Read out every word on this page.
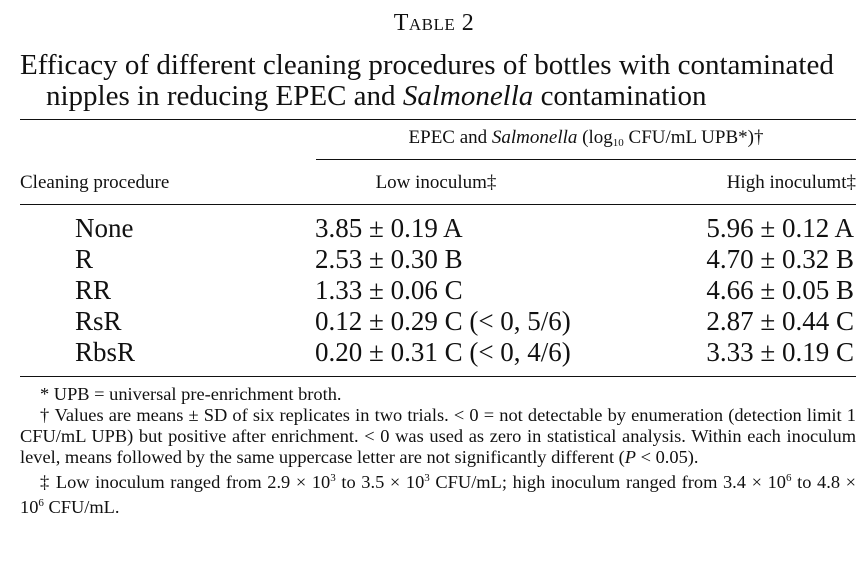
Table 2
Efficacy of different cleaning procedures of bottles with contaminated
nipples in reducing EPEC and Salmonella contamination
EPEC and Salmonella ($\log_{10}$ CFU/mL UPB*)†
Cleaning procedure	Low inoculum‡	High inoculumt‡
None	3.85 ± 0.19 A	5.96 ± 0.12 A
R	2.53 ± 0.30 B	4.70 ± 0.32 B
RR	1.33 ± 0.06 C	4.66 ± 0.05 B
RsR	0.12 ± 0.29 C (< 0, 5/6)	2.87 ± 0.44 C
RbsR	0.20 ± 0.31 C (< 0, 4/6)	3.33 ± 0.19 C

* UPB = universal pre-enrichment broth.

† Values are means ± SD of six replicates in two trials. < 0 = not detectable by enumeration (detection limit 1 CFU/mL UPB) but positive after enrichment. < 0 was used as zero in statistical analysis. Within each inoculum level, means followed by the same uppercase letter are not significantly different (P < 0.05).

‡ Low inoculum ranged from $2.9 \times 10^3$ to $3.5 \times 10^3$ CFU/mL; high inoculum ranged from $3.4 \times 10^6$ to $4.8 \times 10^6$ CFU/mL.
